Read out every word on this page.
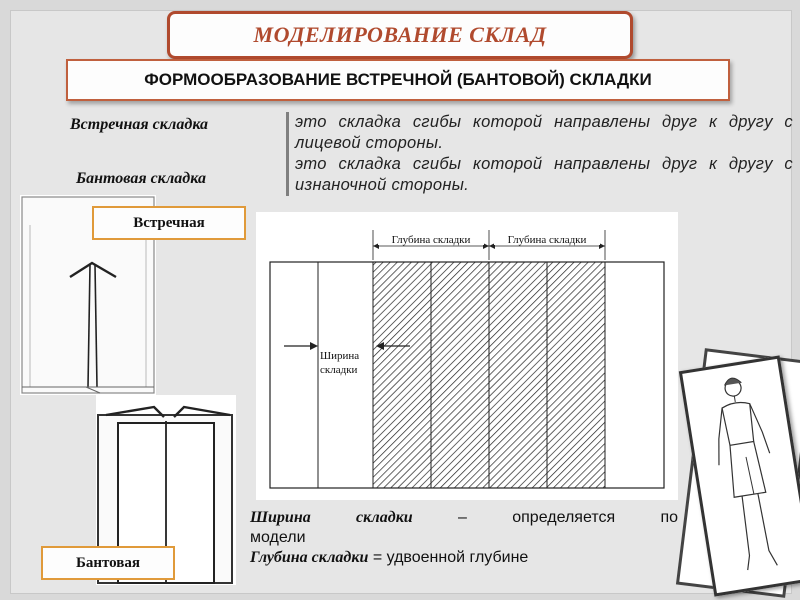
МОДЕЛИРОВАНИЕ СКЛАД
ФОРМООБРАЗОВАНИЕ ВСТРЕЧНОЙ (БАНТОВОЙ) СКЛАДКИ
Встречная складка
Бантовая складка
это складка сгибы которой направлены друг к другу с лицевой стороны.
это складка сгибы которой направлены друг к другу с изнаночной стороны.
Встречная
Бантовая
Глубина складки	Глубина складки
Ширина
складки
Ширина	складки	–	определяется	по
модели
Глубина складки = удвоенной глубине
